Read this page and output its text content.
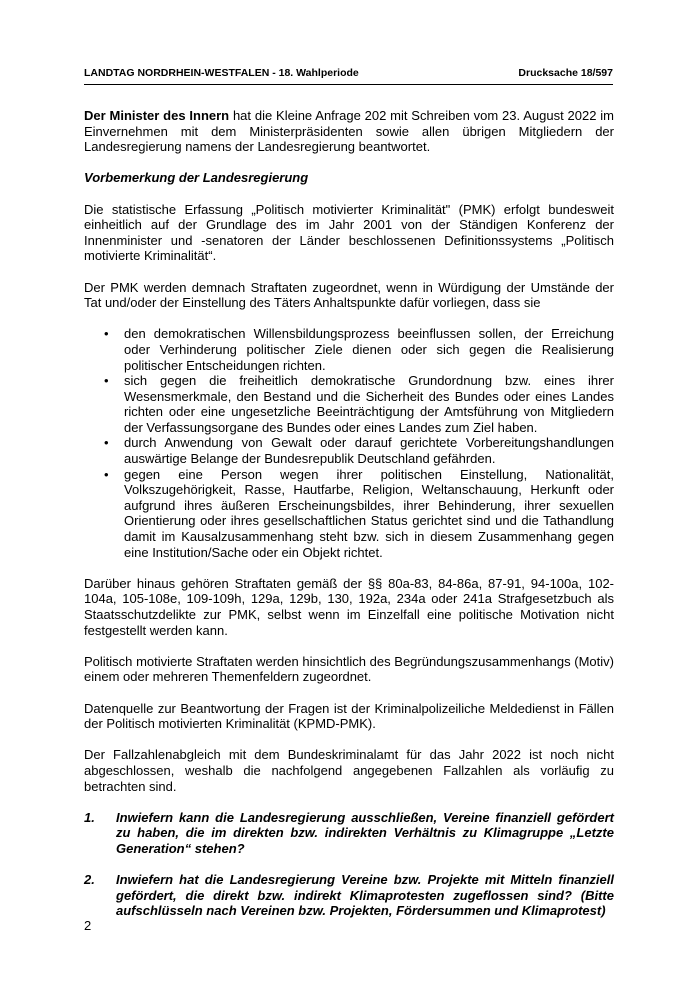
LANDTAG NORDRHEIN-WESTFALEN - 18. Wahlperiode	Drucksache 18/597

Der Minister des Innern hat die Kleine Anfrage 202 mit Schreiben vom 23. August 2022 im Einvernehmen mit dem Ministerpräsidenten sowie allen übrigen Mitgliedern der Landesregierung namens der Landesregierung beantwortet.

Vorbemerkung der Landesregierung

Die statistische Erfassung „Politisch motivierter Kriminalität" (PMK) erfolgt bundesweit einheitlich auf der Grundlage des im Jahr 2001 von der Ständigen Konferenz der Innenminister und -senatoren der Länder beschlossenen Definitionssystems „Politisch motivierte Kriminalität“.

Der PMK werden demnach Straftaten zugeordnet, wenn in Würdigung der Umstände der Tat und/oder der Einstellung des Täters Anhaltspunkte dafür vorliegen, dass sie

• den demokratischen Willensbildungsprozess beeinflussen sollen, der Erreichung oder Verhinderung politischer Ziele dienen oder sich gegen die Realisierung politischer Entscheidungen richten.
• sich gegen die freiheitlich demokratische Grundordnung bzw. eines ihrer Wesensmerkmale, den Bestand und die Sicherheit des Bundes oder eines Landes richten oder eine ungesetzliche Beeinträchtigung der Amtsführung von Mitgliedern der Verfassungsorgane des Bundes oder eines Landes zum Ziel haben.
• durch Anwendung von Gewalt oder darauf gerichtete Vorbereitungshandlungen auswärtige Belange der Bundesrepublik Deutschland gefährden.
• gegen eine Person wegen ihrer politischen Einstellung, Nationalität, Volkszugehörigkeit, Rasse, Hautfarbe, Religion, Weltanschauung, Herkunft oder aufgrund ihres äußeren Erscheinungsbildes, ihrer Behinderung, ihrer sexuellen Orientierung oder ihres gesellschaftlichen Status gerichtet sind und die Tathandlung damit im Kausalzusammenhang steht bzw. sich in diesem Zusammenhang gegen eine Institution/Sache oder ein Objekt richtet.

Darüber hinaus gehören Straftaten gemäß der §§ 80a-83, 84-86a, 87-91, 94-100a, 102-104a, 105-108e, 109-109h, 129a, 129b, 130, 192a, 234a oder 241a Strafgesetzbuch als Staatsschutzdelikte zur PMK, selbst wenn im Einzelfall eine politische Motivation nicht festgestellt werden kann.

Politisch motivierte Straftaten werden hinsichtlich des Begründungszusammenhangs (Motiv) einem oder mehreren Themenfeldern zugeordnet.

Datenquelle zur Beantwortung der Fragen ist der Kriminalpolizeiliche Meldedienst in Fällen der Politisch motivierten Kriminalität (KPMD-PMK).

Der Fallzahlenabgleich mit dem Bundeskriminalamt für das Jahr 2022 ist noch nicht abgeschlossen, weshalb die nachfolgend angegebenen Fallzahlen als vorläufig zu betrachten sind.

1. Inwiefern kann die Landesregierung ausschließen, Vereine finanziell gefördert zu haben, die im direkten bzw. indirekten Verhältnis zu Klimagruppe „Letzte Generation“ stehen?
2. Inwiefern hat die Landesregierung Vereine bzw. Projekte mit Mitteln finanziell gefördert, die direkt bzw. indirekt Klimaprotesten zugeflossen sind? (Bitte aufschlüsseln nach Vereinen bzw. Projekten, Fördersummen und Klimaprotest)
2
